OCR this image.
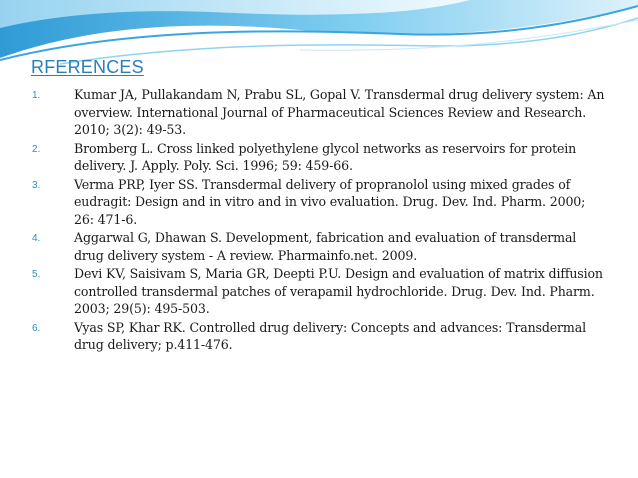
RFERENCES
1.	Kumar JA, Pullakandam N, Prabu SL, Gopal V. Transdermal drug delivery system: An overview. International Journal of Pharmaceutical Sciences Review and Research. 2010; 3(2): 49-53.
2.	Bromberg L. Cross linked polyethylene glycol networks as reservoirs for protein delivery. J. Apply. Poly. Sci. 1996; 59: 459-66.
3.	Verma PRP, Iyer SS. Transdermal delivery of propranolol using mixed grades of eudragit: Design and in vitro and in vivo evaluation. Drug. Dev. Ind. Pharm. 2000; 26: 471-6.
4.	Aggarwal G, Dhawan S. Development, fabrication and evaluation of transdermal drug delivery system - A review. Pharmainfo.net. 2009.
5.	Devi KV, Saisivam S, Maria GR, Deepti P.U. Design and evaluation of matrix diffusion controlled transdermal patches of verapamil hydrochloride. Drug. Dev. Ind. Pharm. 2003; 29(5): 495-503.
6.	Vyas SP, Khar RK. Controlled drug delivery: Concepts and advances: Transdermal drug delivery; p.411-476.
